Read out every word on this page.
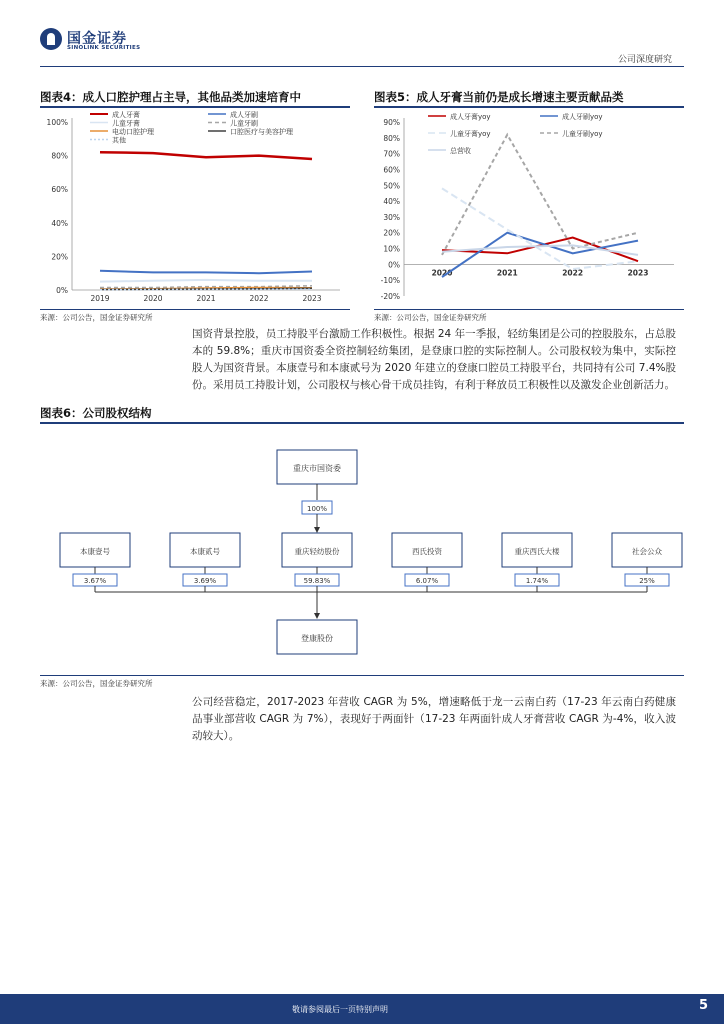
国金证券
SINOLINK SECURITIES
公司深度研究
图表4：成人口腔护理占主导，其他品类加速培育中
0%
20%
40%
60%
80%
100%
2019	2020	2021	2022	2023
成人牙膏	成人牙刷
儿童牙膏	儿童牙刷
电动口腔护理	口腔医疗与美容护理
其他
来源：公司公告，国金证券研究所
图表5：成人牙膏当前仍是成长增速主要贡献品类
-20%
-10%
0%
10%
20%
30%
40%
50%
60%
70%
80%
90%
2020	2021	2022	2023
成人牙膏yoy	成人牙刷yoy
儿童牙膏yoy	儿童牙刷yoy
总营收
来源：公司公告，国金证券研究所
国资背景控股，员工持股平台激励工作积极性。根据 24 年一季报，轻纺集团是公司的控股股东，占总股本的 59.8%；重庆市国资委全资控制轻纺集团，是登康口腔的实际控制人。公司股权较为集中，实际控股人为国资背景。本康壹号和本康贰号为 2020 年建立的登康口腔员工持股平台，共同持有公司 7.4%股份。采用员工持股计划，公司股权与核心骨干成员挂钩，有利于释放员工积极性以及激发企业创新活力。
图表6：公司股权结构
重庆市国资委
100%
本康壹号
3.67%
本康贰号
3.69%
重庆轻纺股份
59.83%
西氏投资
6.07%
重庆西氏大楼
1.74%
社会公众
25%
登康股份
来源：公司公告，国金证券研究所
公司经营稳定，2017-2023 年营收 CAGR 为 5%，增速略低于龙一云南白药（17-23 年云南白药健康品事业部营收 CAGR 为 7%），表现好于两面针（17-23 年两面针成人牙膏营收 CAGR 为-4%，收入波动较大）。
敬请参阅最后一页特别声明	5
